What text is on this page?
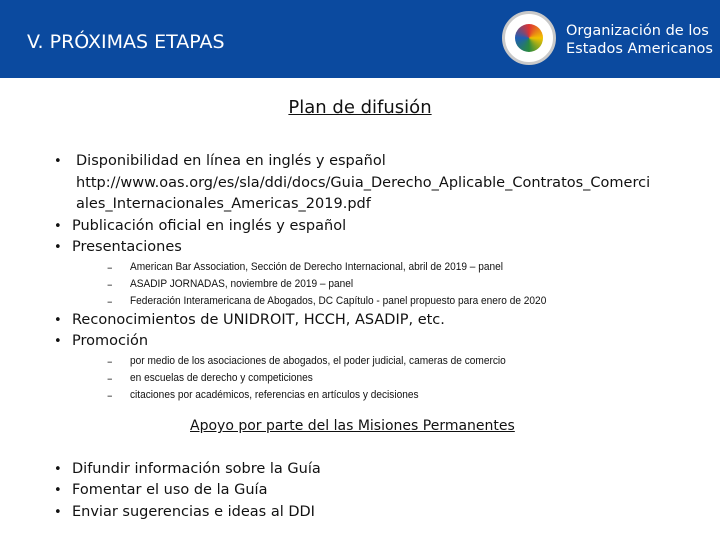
V. PRÓXIMAS ETAPAS	Organización de los
Estados Americanos
Plan de difusión
• Disponibilidad en línea en inglés y español
http://www.oas.org/es/sla/ddi/docs/Guia_Derecho_Aplicable_Contratos_Comerci
ales_Internacionales_Americas_2019.pdf
• Publicación oficial en inglés y español
• Presentaciones
– American Bar Association, Sección de Derecho Internacional, abril de 2019 – panel
– ASADIP JORNADAS, noviembre de 2019 – panel
– Federación Interamericana de Abogados, DC Capítulo - panel propuesto para enero de 2020
• Reconocimientos de UNIDROIT, HCCH, ASADIP, etc.
• Promoción
– por medio de los asociaciones de abogados, el poder judicial, cameras de comercio
– en escuelas de derecho y competiciones
– citaciones por académicos, referencias en artículos y decisiones
Apoyo por parte del las Misiones Permanentes
• Difundir información sobre la Guía
• Fomentar el uso de la Guía
• Enviar sugerencias e ideas al DDI
